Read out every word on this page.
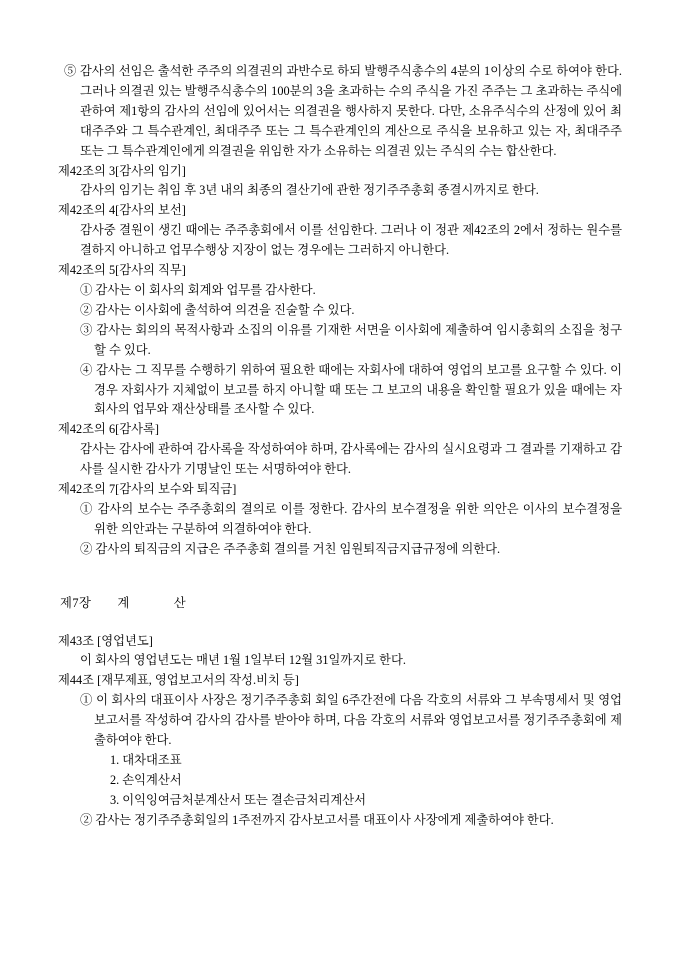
⑤ 감사의 선임은 출석한 주주의 의결권의 과반수로 하되 발행주식총수의 4분의 1이상의 수로 하여야 한다. 그러나 의결권 있는 발행주식총수의 100분의 3을 초과하는 수의 주식을 가진 주주는 그 초과하는 주식에 관하여 제1항의 감사의 선임에 있어서는 의결권을 행사하지 못한다. 다만, 소유주식수의 산정에 있어 최대주주와 그 특수관계인, 최대주주 또는 그 특수관계인의 계산으로 주식을 보유하고 있는 자, 최대주주 또는 그 특수관계인에게 의결권을 위임한 자가 소유하는 의결권 있는 주식의 수는 합산한다.

제42조의 3[감사의 임기]

감사의 임기는 취임 후 3년 내의 최종의 결산기에 관한 정기주주총회 종결시까지로 한다.

제42조의 4[감사의 보선]

감사중 결원이 생긴 때에는 주주총회에서 이를 선임한다. 그러나 이 정관 제42조의 2에서 정하는 원수를 결하지 아니하고 업무수행상 지장이 없는 경우에는 그러하지 아니한다.

제42조의 5[감사의 직무]

① 감사는 이 회사의 회계와 업무를 감사한다.

② 감사는 이사회에 출석하여 의견을 진술할 수 있다.

③ 감사는 회의의 목적사항과 소집의 이유를 기재한 서면을 이사회에 제출하여 임시총회의 소집을 청구할 수 있다.

④ 감사는 그 직무를 수행하기 위하여 필요한 때에는 자회사에 대하여 영업의 보고를 요구할 수 있다. 이 경우 자회사가 지체없이 보고를 하지 아니할 때 또는 그 보고의 내용을 확인할 필요가 있을 때에는 자회사의 업무와 재산상태를 조사할 수 있다.

제42조의 6[감사록]

감사는 감사에 관하여 감사록을 작성하여야 하며, 감사록에는 감사의 실시요령과 그 결과를 기재하고 감사를 실시한 감사가 기명날인 또는 서명하여야 한다.

제42조의 7[감사의 보수와 퇴직금]

① 감사의 보수는 주주총회의 결의로 이를 정한다. 감사의 보수결정을 위한 의안은 이사의 보수결정을 위한 의안과는 구분하여 의결하여야 한다.

② 감사의 퇴직금의 지급은 주주총회 결의를 거친 임원퇴직금지급규정에 의한다.

제7장 계	산

제43조 [영업년도]

이 회사의 영업년도는 매년 1월 1일부터 12월 31일까지로 한다.

제44조 [재무제표, 영업보고서의 작성.비치 등]

① 이 회사의 대표이사 사장은 정기주주총회 회일 6주간전에 다음 각호의 서류와 그 부속명세서 및 영업보고서를 작성하여 감사의 감사를 받아야 하며, 다음 각호의 서류와 영업보고서를 정기주주총회에 제출하여야 한다.

1. 대차대조표

2. 손익계산서

3. 이익잉여금처분계산서 또는 결손금처리계산서

② 감사는 정기주주총회일의 1주전까지 감사보고서를 대표이사 사장에게 제출하여야 한다.
